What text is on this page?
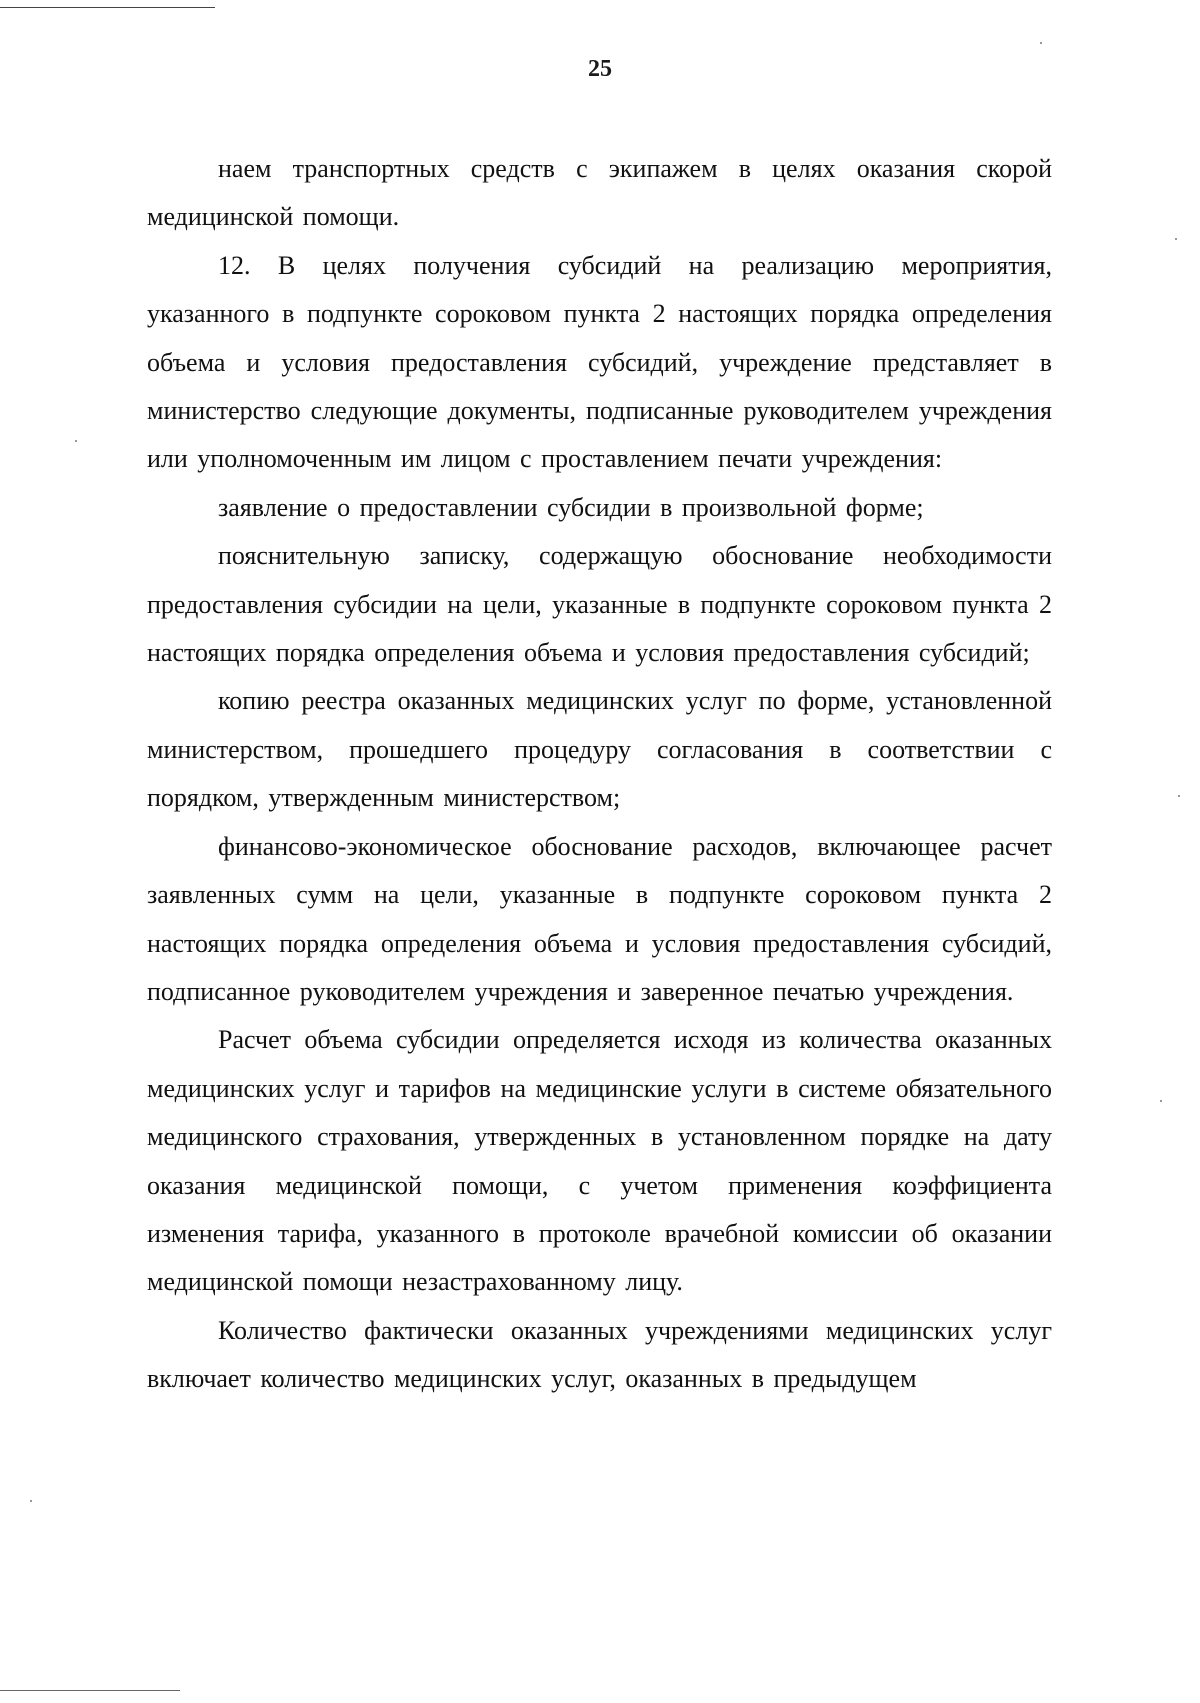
25

наем транспортных средств с экипажем в целях оказания скорой медицинской помощи.

12. В целях получения субсидий на реализацию мероприятия, указанного в подпункте сороковом пункта 2 настоящих порядка определения объема и условия предоставления субсидий, учреждение представляет в министерство следующие документы, подписанные руководителем учреждения или уполномоченным им лицом с проставлением печати учреждения:

заявление о предоставлении субсидии в произвольной форме;

пояснительную записку, содержащую обоснование необходимости предоставления субсидии на цели, указанные в подпункте сороковом пункта 2 настоящих порядка определения объема и условия предоставления субсидий;

копию реестра оказанных медицинских услуг по форме, установленной министерством, прошедшего процедуру согласования в соответствии с порядком, утвержденным министерством;

финансово-экономическое обоснование расходов, включающее расчет заявленных сумм на цели, указанные в подпункте сороковом пункта 2 настоящих порядка определения объема и условия предоставления субсидий, подписанное руководителем учреждения и заверенное печатью учреждения.

Расчет объема субсидии определяется исходя из количества оказанных медицинских услуг и тарифов на медицинские услуги в системе обязательного медицинского страхования, утвержденных в установленном порядке на дату оказания медицинской помощи, с учетом применения коэффициента изменения тарифа, указанного в протоколе врачебной комиссии об оказании медицинской помощи незастрахованному лицу.

Количество фактически оказанных учреждениями медицинских услуг включает количество медицинских услуг, оказанных в предыдущем
